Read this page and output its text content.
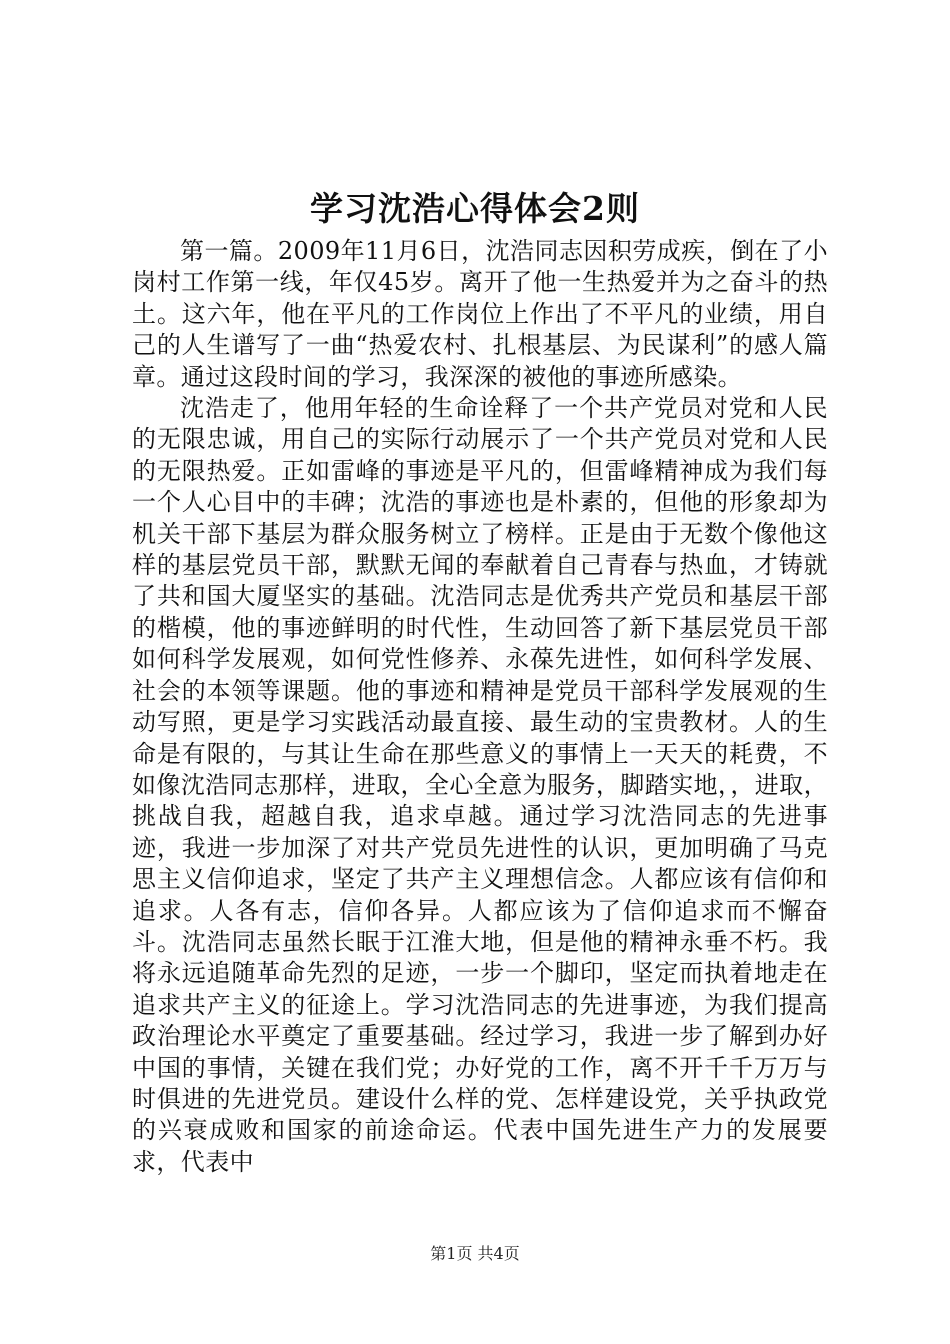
学习沈浩心得体会2则

第一篇。2009年11月6日，沈浩同志因积劳成疾，倒在了小岗村工作第一线，年仅45岁。离开了他一生热爱并为之奋斗的热土。这六年，他在平凡的工作岗位上作出了不平凡的业绩，用自己的人生谱写了一曲“热爱农村、扎根基层、为民谋利”的感人篇章。通过这段时间的学习，我深深的被他的事迹所感染。

沈浩走了，他用年轻的生命诠释了一个共产党员对党和人民的无限忠诚，用自己的实际行动展示了一个共产党员对党和人民的无限热爱。正如雷峰的事迹是平凡的，但雷峰精神成为我们每一个人心目中的丰碑；沈浩的事迹也是朴素的，但他的形象却为机关干部下基层为群众服务树立了榜样。正是由于无数个像他这样的基层党员干部，默默无闻的奉献着自己青春与热血，才铸就了共和国大厦坚实的基础。沈浩同志是优秀共产党员和基层干部的楷模，他的事迹鲜明的时代性，生动回答了新下基层党员干部如何科学发展观，如何党性修养、永葆先进性，如何科学发展、社会的本领等课题。他的事迹和精神是党员干部科学发展观的生动写照，更是学习实践活动最直接、最生动的宝贵教材。人的生命是有限的，与其让生命在那些意义的事情上一天天的耗费，不如像沈浩同志那样，进取，全心全意为服务，脚踏实地，，进取，挑战自我，超越自我，追求卓越。通过学习沈浩同志的先进事迹，我进一步加深了对共产党员先进性的认识，更加明确了马克思主义信仰追求，坚定了共产主义理想信念。人都应该有信仰和追求。人各有志，信仰各异。人都应该为了信仰追求而不懈奋斗。沈浩同志虽然长眠于江淮大地，但是他的精神永垂不朽。我将永远追随革命先烈的足迹，一步一个脚印，坚定而执着地走在追求共产主义的征途上。学习沈浩同志的先进事迹，为我们提高政治理论水平奠定了重要基础。经过学习，我进一步了解到办好中国的事情，关键在我们党；办好党的工作，离不开千千万万与时俱进的先进党员。建设什么样的党、怎样建设党，关乎执政党的兴衰成败和国家的前途命运。代表中国先进生产力的发展要求，代表中

第1页 共4页
